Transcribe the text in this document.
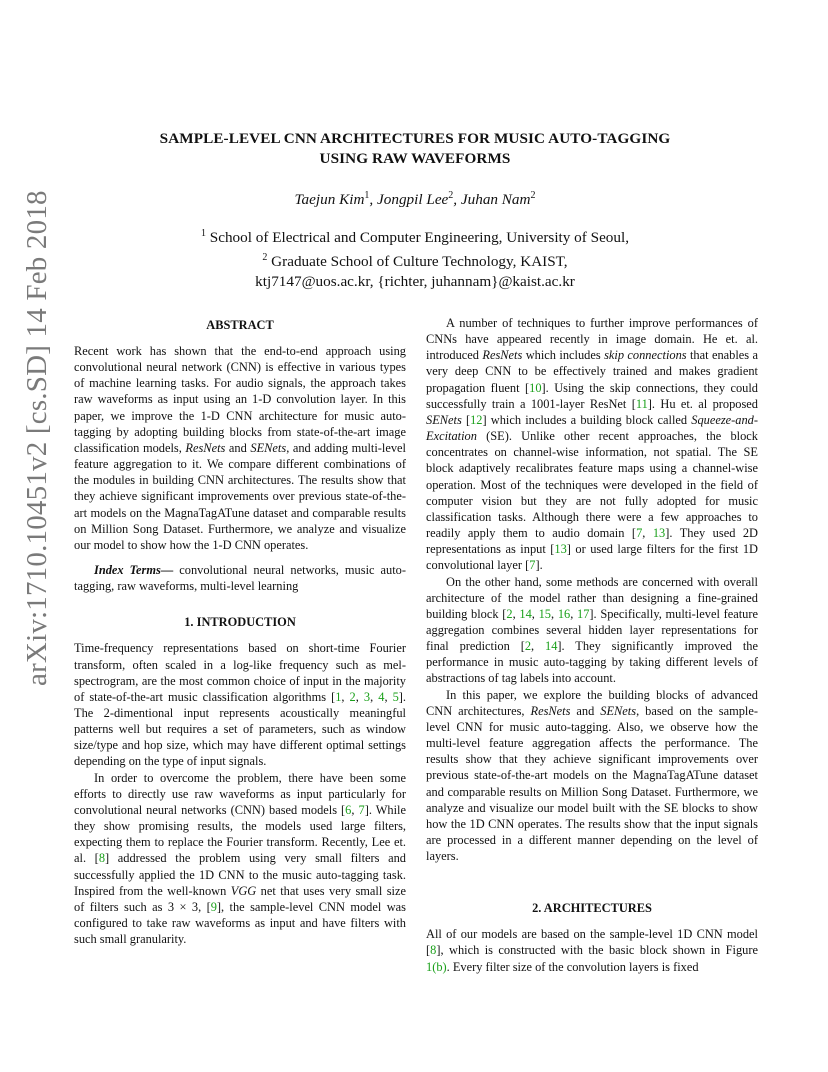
arXiv:1710.10451v2 [cs.SD] 14 Feb 2018
SAMPLE-LEVEL CNN ARCHITECTURES FOR MUSIC AUTO-TAGGING
USING RAW WAVEFORMS
Taejun Kim$^1$, Jongpil Lee$^2$, Juhan Nam$^2$
$^1$ School of Electrical and Computer Engineering, University of Seoul,
$^2$ Graduate School of Culture Technology, KAIST,
ktj7147@uos.ac.kr, {richter, juhannam}@kaist.ac.kr
ABSTRACT

Recent work has shown that the end-to-end approach using convolutional neural network (CNN) is effective in various types of machine learning tasks. For audio signals, the approach takes raw waveforms as input using an 1-D convolution layer. In this paper, we improve the 1-D CNN architecture for music auto-tagging by adopting building blocks from state-of-the-art image classification models, ResNets and SENets, and adding multi-level feature aggregation to it. We compare different combinations of the modules in building CNN architectures. The results show that they achieve significant improvements over previous state-of-the-art models on the MagnaTagATune dataset and comparable results on Million Song Dataset. Furthermore, we analyze and visualize our model to show how the 1-D CNN operates.

Index Terms— convolutional neural networks, music auto-tagging, raw waveforms, multi-level learning

1. INTRODUCTION

Time-frequency representations based on short-time Fourier transform, often scaled in a log-like frequency such as mel-spectrogram, are the most common choice of input in the majority of state-of-the-art music classification algorithms [1, 2, 3, 4, 5]. The 2-dimentional input represents acoustically meaningful patterns well but requires a set of parameters, such as window size/type and hop size, which may have different optimal settings depending on the type of input signals.

In order to overcome the problem, there have been some efforts to directly use raw waveforms as input particularly for convolutional neural networks (CNN) based models [6, 7]. While they show promising results, the models used large filters, expecting them to replace the Fourier transform. Recently, Lee et. al. [8] addressed the problem using very small filters and successfully applied the 1D CNN to the music auto-tagging task. Inspired from the well-known VGG net that uses very small size of filters such as 3 × 3, [9], the sample-level CNN model was configured to take raw waveforms as input and have filters with such small granularity.

A number of techniques to further improve performances of CNNs have appeared recently in image domain. He et. al. introduced ResNets which includes skip connections that enables a very deep CNN to be effectively trained and makes gradient propagation fluent [10]. Using the skip connections, they could successfully train a 1001-layer ResNet [11]. Hu et. al proposed SENets [12] which includes a building block called Squeeze-and-Excitation (SE). Unlike other recent approaches, the block concentrates on channel-wise information, not spatial. The SE block adaptively recalibrates feature maps using a channel-wise operation. Most of the techniques were developed in the field of computer vision but they are not fully adopted for music classification tasks. Although there were a few approaches to readily apply them to audio domain [7, 13]. They used 2D representations as input [13] or used large filters for the first 1D convolutional layer [7].

On the other hand, some methods are concerned with overall architecture of the model rather than designing a fine-grained building block [2, 14, 15, 16, 17]. Specifically, multi-level feature aggregation combines several hidden layer representations for final prediction [2, 14]. They significantly improved the performance in music auto-tagging by taking different levels of abstractions of tag labels into account.

In this paper, we explore the building blocks of advanced CNN architectures, ResNets and SENets, based on the sample-level CNN for music auto-tagging. Also, we observe how the multi-level feature aggregation affects the performance. The results show that they achieve significant improvements over previous state-of-the-art models on the MagnaTagATune dataset and comparable results on Million Song Dataset. Furthermore, we analyze and visualize our model built with the SE blocks to show how the 1D CNN operates. The results show that the input signals are processed in a different manner depending on the level of layers.

2. ARCHITECTURES

All of our models are based on the sample-level 1D CNN model [8], which is constructed with the basic block shown in Figure 1(b). Every filter size of the convolution layers is fixed
